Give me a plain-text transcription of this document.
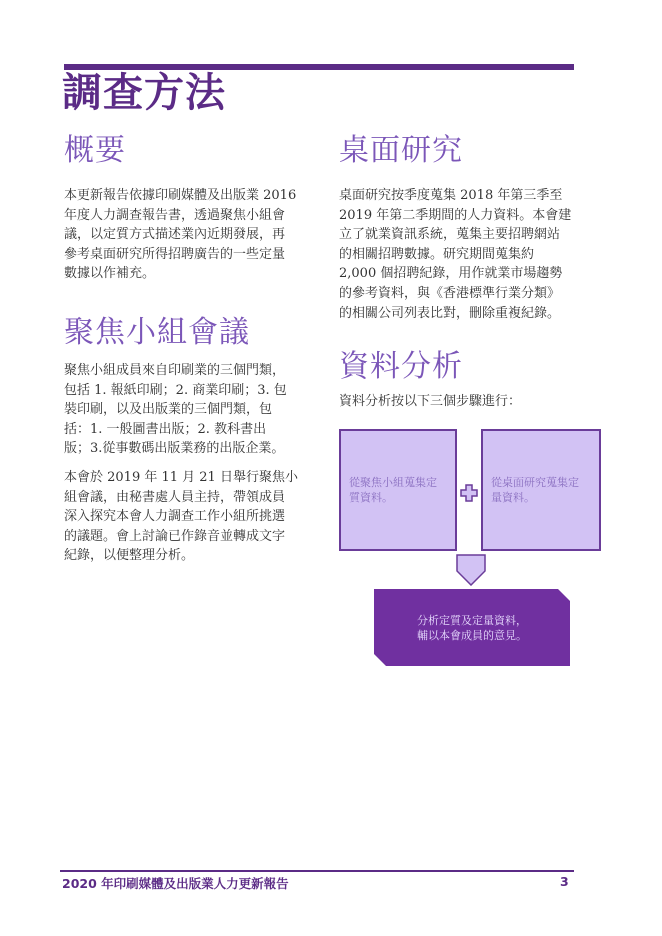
調查方法
概要
本更新報告依據印刷媒體及出版業 2016
年度人力調查報告書，透過聚焦小組會
議，以定質方式描述業內近期發展，再
參考桌面研究所得招聘廣告的一些定量
數據以作補充。
聚焦小組會議
聚焦小組成員來自印刷業的三個門類，
包括 1. 報紙印刷；2. 商業印刷；3. 包
裝印刷，以及出版業的三個門類，包
括：1. 一般圖書出版；2. 教科書出
版；3.從事數碼出版業務的出版企業。
本會於 2019 年 11 月 21 日舉行聚焦小
組會議，由秘書處人員主持，帶領成員
深入探究本會人力調查工作小組所挑選
的議題。會上討論已作錄音並轉成文字
紀錄，以便整理分析。
桌面研究
桌面研究按季度蒐集 2018 年第三季至
2019 年第二季期間的人力資料。本會建
立了就業資訊系統，蒐集主要招聘網站
的相關招聘數據。研究期間蒐集約
2,000 個招聘紀錄，用作就業市場趨勢
的參考資料，與《香港標準行業分類》
的相關公司列表比對，刪除重複紀錄。
資料分析
資料分析按以下三個步驟進行：
從聚焦小組蒐集定
質資料。
從桌面研究蒐集定
量資料。
分析定質及定量資料，
輔以本會成員的意見。
2020 年印刷媒體及出版業人力更新報告	3
